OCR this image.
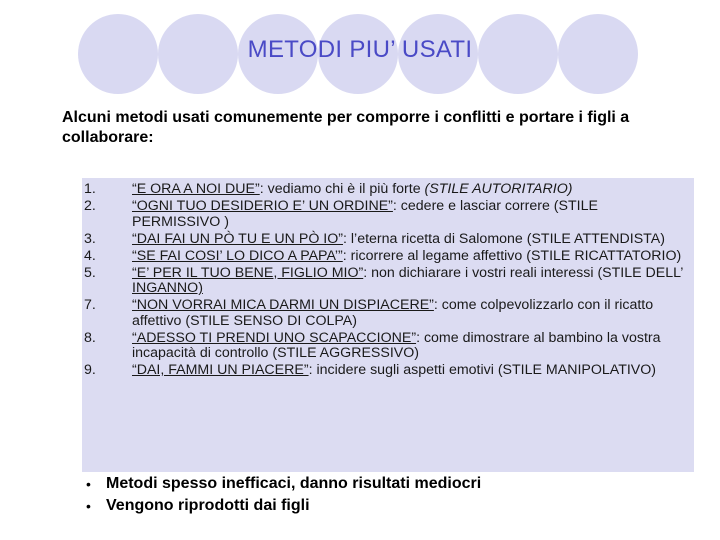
METODI PIU’ USATI

Alcuni metodi usati comunemente per comporre i conflitti e portare i figli a collaborare:

1.	“E ORA A NOI DUE”: vediamo chi è il più forte (STILE AUTORITARIO)
2.	“OGNI TUO DESIDERIO E’ UN ORDINE”: cedere e lasciar correre (STILE PERMISSIVO )
3.	“DAI FAI UN PÒ TU E UN PÒ IO”: l’eterna ricetta di Salomone (STILE ATTENDISTA)
4.	“SE FAI COSI’ LO DICO A PAPA’”: ricorrere al legame affettivo (STILE RICATTATORIO)
5.	“E’ PER IL TUO BENE, FIGLIO MIO”: non dichiarare i vostri reali interessi (STILE DELL’ INGANNO)
7.	“NON VORRAI MICA DARMI UN DISPIACERE”: come colpevolizzarlo con il ricatto affettivo (STILE SENSO DI COLPA)
8.	“ADESSO TI PRENDI UNO SCAPACCIONE”: come dimostrare al bambino la vostra incapacità di controllo (STILE AGGRESSIVO)
9.	“DAI, FAMMI UN PIACERE”: incidere sugli aspetti emotivi (STILE MANIPOLATIVO)
• Metodi spesso inefficaci, danno risultati mediocri
• Vengono riprodotti dai figli
